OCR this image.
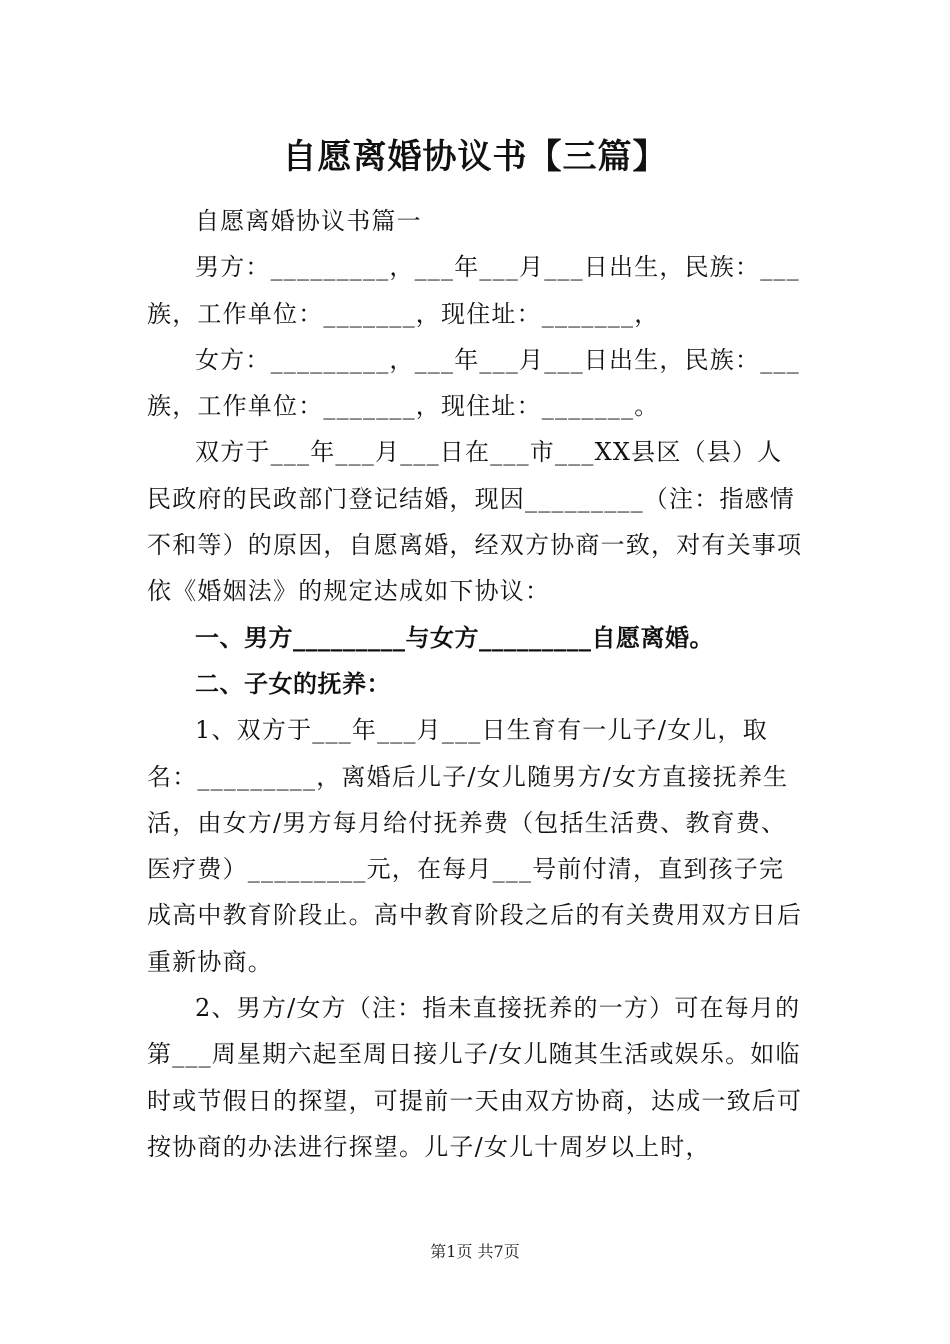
自愿离婚协议书【三篇】

自愿离婚协议书篇一

男方：_________，___年___月___日出生，民族：___族，工作单位：_______，现住址：_______，

女方：_________，___年___月___日出生，民族：___族，工作单位：_______，现住址：_______。

双方于___年___月___日在___市___XX县区（县）人民政府的民政部门登记结婚，现因_________（注：指感情不和等）的原因，自愿离婚，经双方协商一致，对有关事项依《婚姻法》的规定达成如下协议：

一、男方_________与女方_________自愿离婚。

二、子女的抚养：

1、双方于___年___月___日生育有一儿子/女儿，取名：_________，离婚后儿子/女儿随男方/女方直接抚养生活，由女方/男方每月给付抚养费（包括生活费、教育费、医疗费）_________元，在每月___号前付清，直到孩子完成高中教育阶段止。高中教育阶段之后的有关费用双方日后重新协商。

2、男方/女方（注：指未直接抚养的一方）可在每月的第___周星期六起至周日接儿子/女儿随其生活或娱乐。如临时或节假日的探望，可提前一天由双方协商，达成一致后可按协商的办法进行探望。儿子/女儿十周岁以上时，

第1页 共7页
